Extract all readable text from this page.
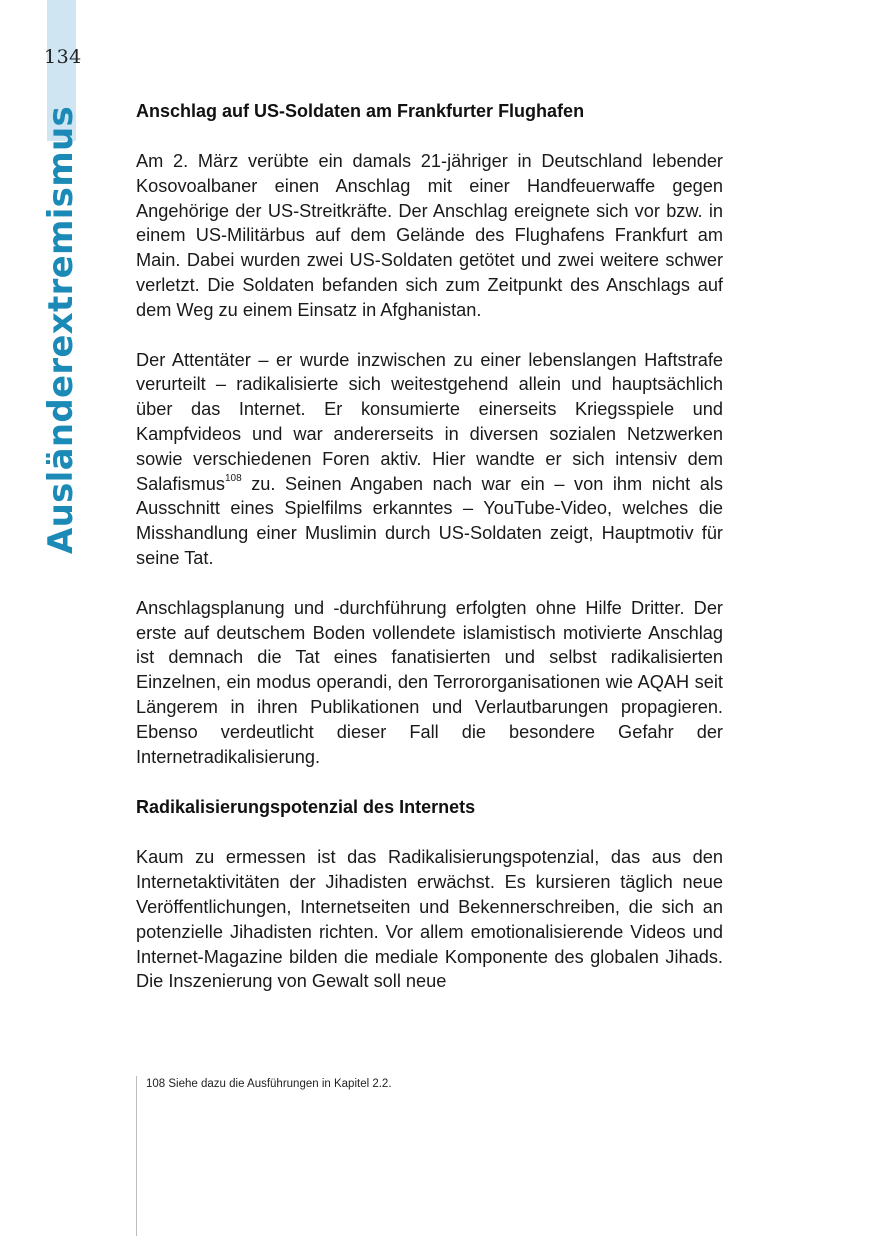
134
Ausländerextremismus	Anschlag auf US-Soldaten am Frankfurter Flughafen

Am 2. März verübte ein damals 21-jähriger in Deutschland lebender Kosovoalbaner einen Anschlag mit einer Handfeuerwaffe gegen Angehörige der US-Streitkräfte. Der Anschlag ereignete sich vor bzw. in einem US-Militärbus auf dem Gelände des Flughafens Frankfurt am Main. Dabei wurden zwei US-Soldaten getötet und zwei weitere schwer verletzt. Die Soldaten befanden sich zum Zeitpunkt des Anschlags auf dem Weg zu einem Einsatz in Afghanistan.

Der Attentäter – er wurde inzwischen zu einer lebenslangen Haftstrafe verurteilt – radikalisierte sich weitestgehend allein und hauptsächlich über das Internet. Er konsumierte einerseits Kriegsspiele und Kampfvideos und war andererseits in diversen sozialen Netzwerken sowie verschiedenen Foren aktiv. Hier wandte er sich intensiv dem Salafismus$^{108}$ zu. Seinen Angaben nach war ein – von ihm nicht als Ausschnitt eines Spielfilms erkanntes – YouTube-Video, welches die Misshandlung einer Muslimin durch US-Soldaten zeigt, Hauptmotiv für seine Tat.

Anschlagsplanung und -durchführung erfolgten ohne Hilfe Dritter. Der erste auf deutschem Boden vollendete islamistisch motivierte Anschlag ist demnach die Tat eines fanatisierten und selbst radikalisierten Einzelnen, ein modus operandi, den Terrororganisationen wie AQAH seit Längerem in ihren Publikationen und Verlautbarungen propagieren. Ebenso verdeutlicht dieser Fall die besondere Gefahr der Internetradikalisierung.

Radikalisierungspotenzial des Internets

Kaum zu ermessen ist das Radikalisierungspotenzial, das aus den Internetaktivitäten der Jihadisten erwächst. Es kursieren täglich neue Veröffentlichungen, Internetseiten und Bekennerschreiben, die sich an potenzielle Jihadisten richten. Vor allem emotionalisierende Videos und Internet-Magazine bilden die mediale Komponente des globalen Jihads. Die Inszenierung von Gewalt soll neue

108 Siehe dazu die Ausführungen in Kapitel 2.2.
